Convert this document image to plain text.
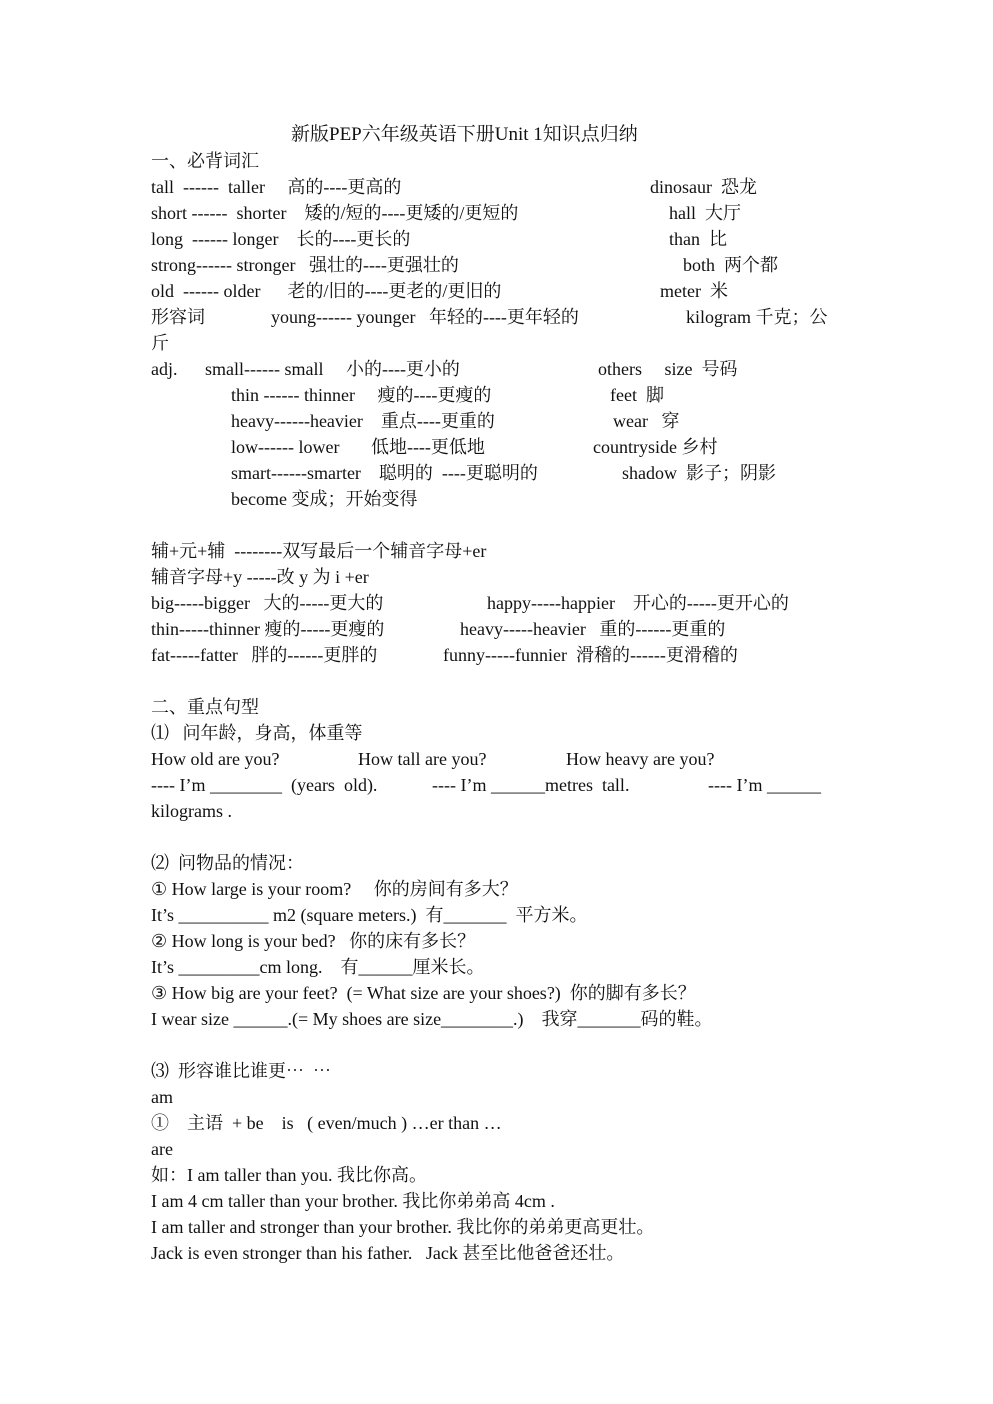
新版PEP六年级英语下册Unit 1知识点归纳
一、必背词汇
tall  ------  taller     高的----更高的	dinosaur  恐龙
short ------  shorter    矮的/短的----更矮的/更短的	hall  大厅
long  ------ longer    长的----更长的	than  比
strong------ stronger   强壮的----更强壮的	both  两个都
old  ------ older      老的/旧的----更老的/更旧的	meter  米
形容词	young------ younger   年轻的----更年轻的	kilogram 千克；公
斤
adj. small------ small     小的----更小的	others     size  号码
thin ------ thinner     瘦的----更瘦的	feet  脚
heavy------heavier    重点----更重的	wear   穿
low------ lower       低地----更低地	countryside 乡村
smart------smarter    聪明的  ----更聪明的	shadow  影子；阴影
become 变成；开始变得
辅+元+辅  --------双写最后一个辅音字母+er
辅音字母+y -----改 y 为 i +er
big-----bigger   大的-----更大的	happy-----happier    开心的-----更开心的
thin-----thinner 瘦的-----更瘦的	heavy-----heavier   重的------更重的
fat-----fatter   胖的------更胖的	funny-----funnier  滑稽的------更滑稽的
二、重点句型
⑴   问年龄，身高，体重等
How old are you?	How tall are you?	How heavy are you?
---- I’m ________  (years  old).	---- I’m ______metres  tall.	---- I’m ______
kilograms .
⑵  问物品的情况：
① How large is your room?     你的房间有多大？
It’s __________ m2 (square meters.)  有_______  平方米。
② How long is your bed?   你的床有多长？
It’s _________cm long.    有______厘米长。
③ How big are your feet?  (= What size are your shoes?)  你的脚有多长？
I wear size ______.(= My shoes are size________.)    我穿_______码的鞋。
⑶  形容谁比谁更⋯  ⋯
am
①    主语  + be    is   ( even/much ) …er than …
are
如：I am taller than you. 我比你高。
I am 4 cm taller than your brother. 我比你弟弟高 4cm .
I am taller and stronger than your brother. 我比你的弟弟更高更壮。
Jack is even stronger than his father.   Jack 甚至比他爸爸还壮。
